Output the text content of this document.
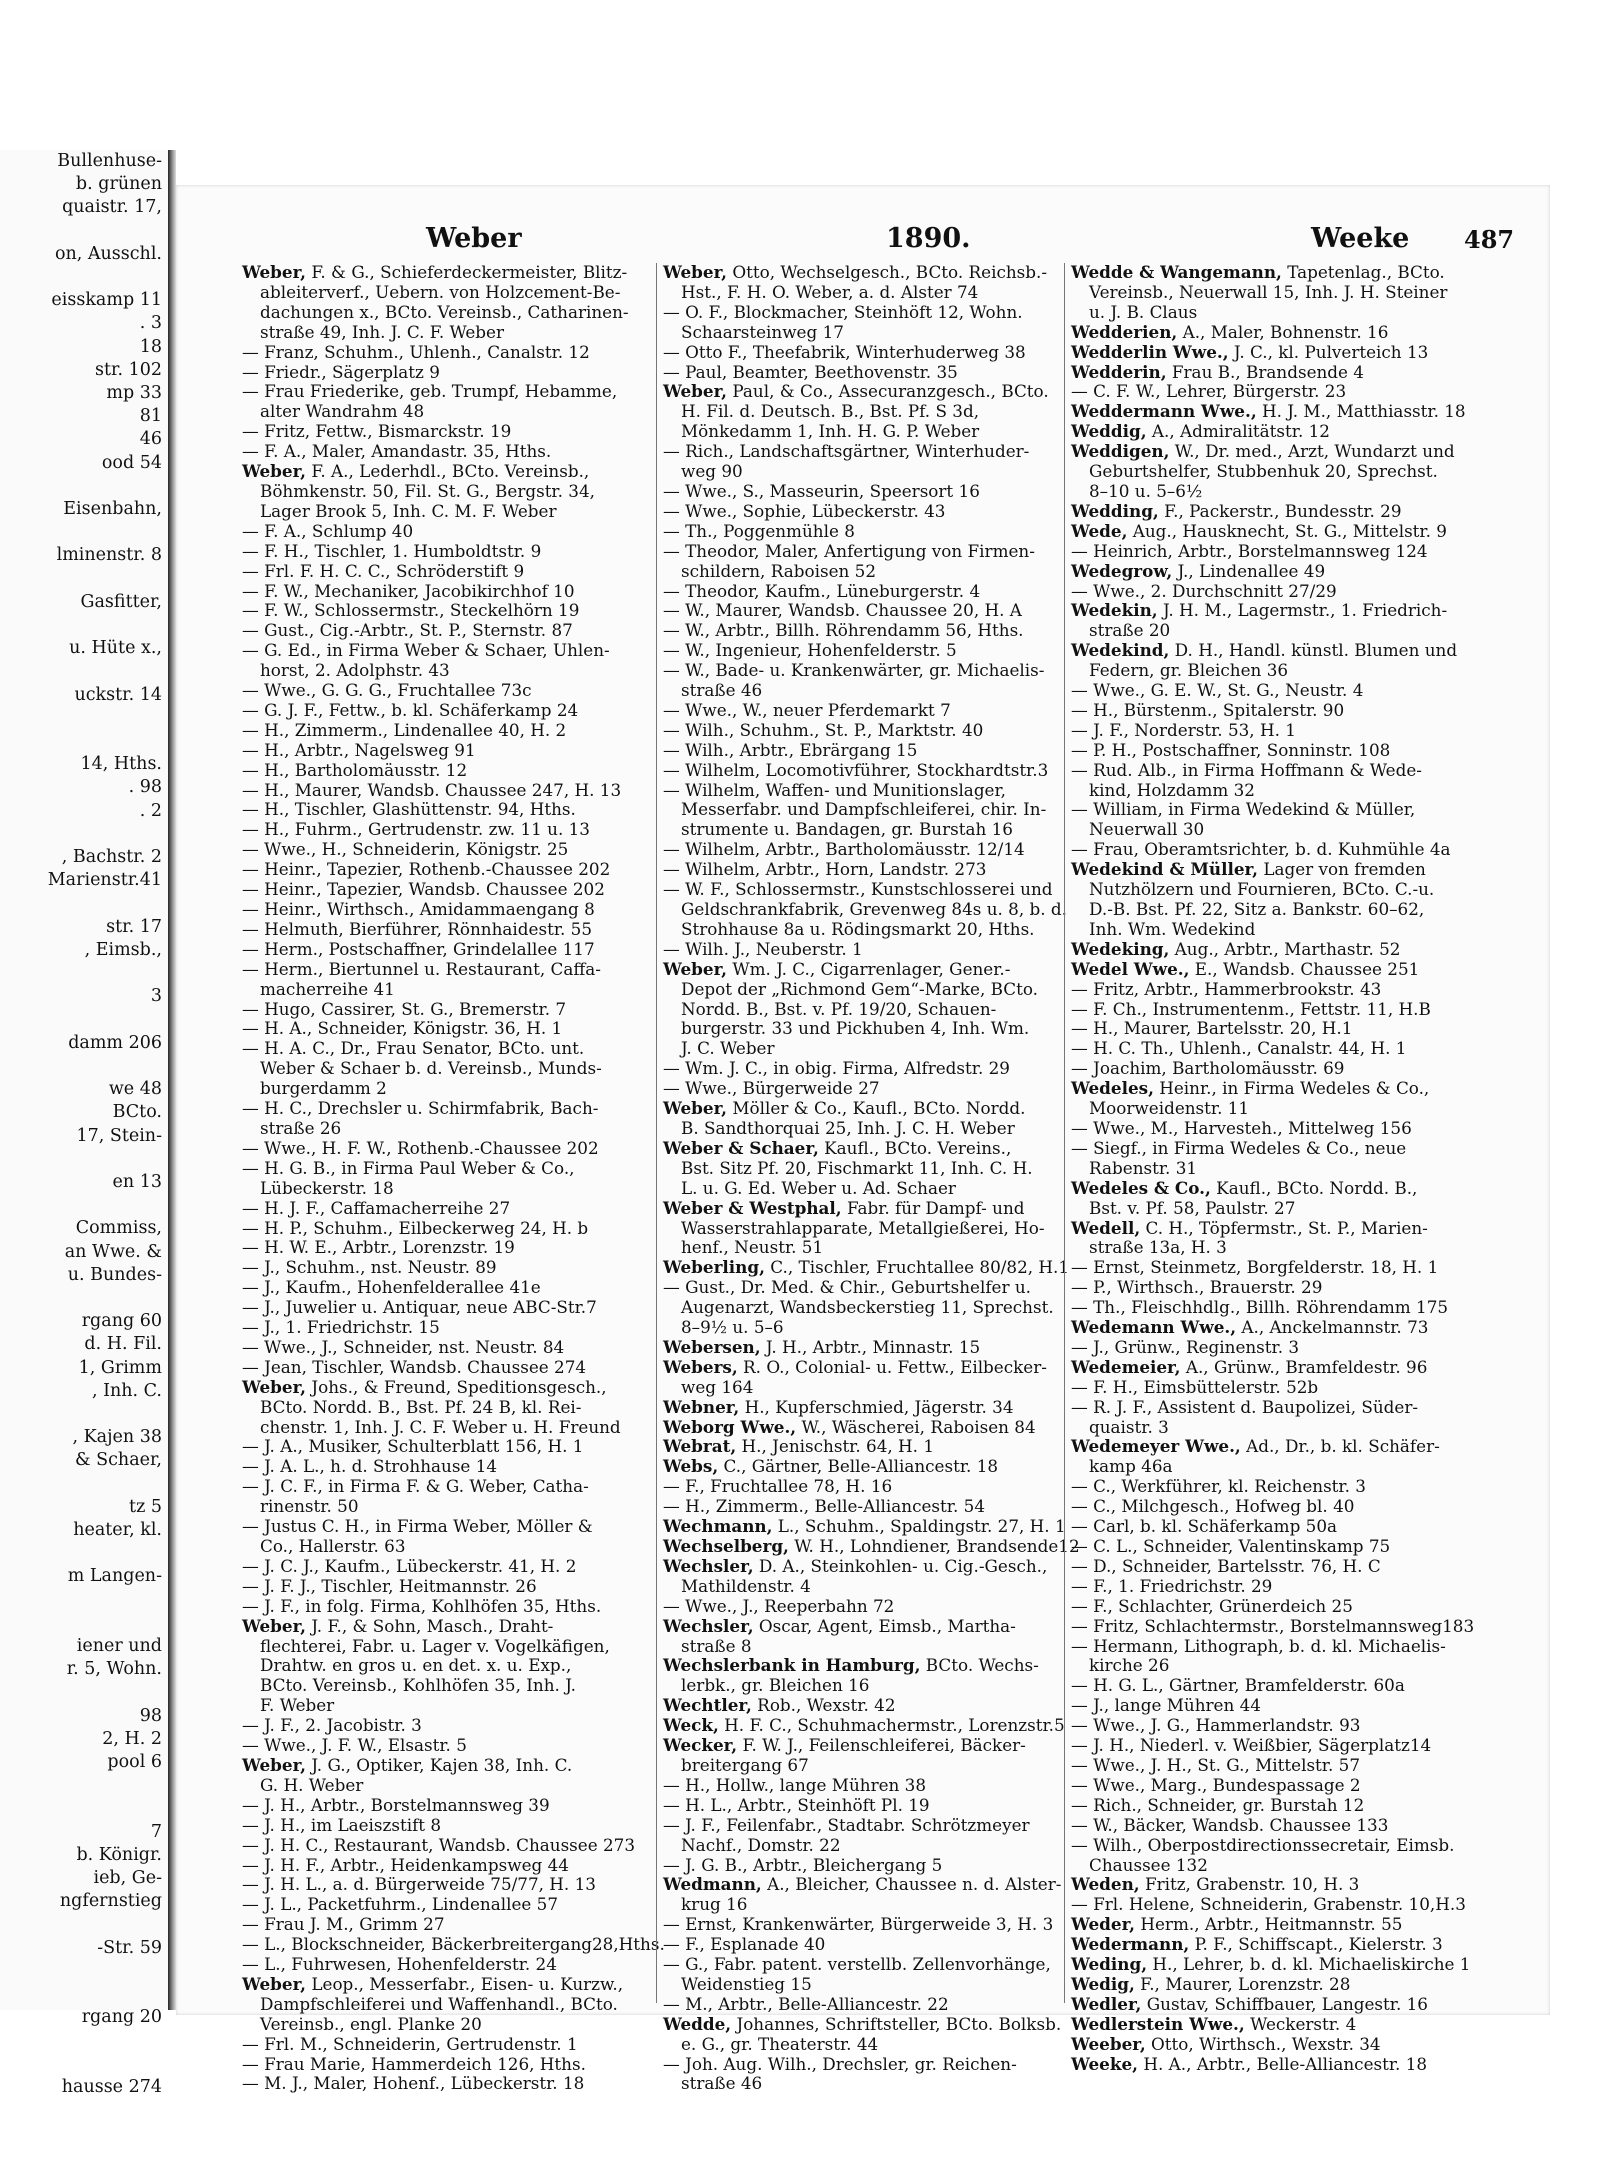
Bullenhuse-
b. grünen
quaistr. 17,

on, Ausschl.

eisskamp 11
. 3
18
str. 102
mp 33
81
46
ood 54

Eisenbahn,

lminenstr. 8

Gasfitter,

u. Hüte x.,

uckstr. 14

14, Hths.
. 98
. 2

, Bachstr. 2
Marienstr.41

str. 17
, Eimsb.,

3

damm 206

we 48
BCto.
17, Stein-

en 13

Commiss,
an Wwe. &
u. Bundes-

rgang 60
d. H. Fil.
1, Grimm
, Inh. C.

, Kajen 38
& Schaer,

tz 5
heater, kl.

m Langen-

iener und
r. 5, Wohn.

98
2, H. 2
pool 6

7
b. Königr.
ieb, Ge-
ngfernstieg

-Str. 59

rgang 20

hausse 274
Weber	1890.	Weeke 487
Weber, F. & G., Schieferdeckermeister, Blitz-
ableiterverf., Uebern. von Holzcement-Be-
dachungen x., BCto. Vereinsb., Catharinen-
straße 49, Inh. J. C. F. Weber
— Franz, Schuhm., Uhlenh., Canalstr. 12
— Friedr., Sägerplatz 9
— Frau Friederike, geb. Trumpf, Hebamme,
alter Wandrahm 48
— Fritz, Fettw., Bismarckstr. 19
— F. A., Maler, Amandastr. 35, Hths.
Weber, F. A., Lederhdl., BCto. Vereinsb.,
Böhmkenstr. 50, Fil. St. G., Bergstr. 34,
Lager Brook 5, Inh. C. M. F. Weber
— F. A., Schlump 40
— F. H., Tischler, 1. Humboldtstr. 9
— Frl. F. H. C. C., Schröderstift 9
— F. W., Mechaniker, Jacobikirchhof 10
— F. W., Schlossermstr., Steckelhörn 19
— Gust., Cig.-Arbtr., St. P., Sternstr. 87
— G. Ed., in Firma Weber & Schaer, Uhlen-
horst, 2. Adolphstr. 43
— Wwe., G. G. G., Fruchtallee 73c
— G. J. F., Fettw., b. kl. Schäferkamp 24
— H., Zimmerm., Lindenallee 40, H. 2
— H., Arbtr., Nagelsweg 91
— H., Bartholomäusstr. 12
— H., Maurer, Wandsb. Chaussee 247, H. 13
— H., Tischler, Glashüttenstr. 94, Hths.
— H., Fuhrm., Gertrudenstr. zw. 11 u. 13
— Wwe., H., Schneiderin, Königstr. 25
— Heinr., Tapezier, Rothenb.-Chaussee 202
— Heinr., Tapezier, Wandsb. Chaussee 202
— Heinr., Wirthsch., Amidammaengang 8
— Helmuth, Bierführer, Rönnhaidestr. 55
— Herm., Postschaffner, Grindelallee 117
— Herm., Biertunnel u. Restaurant, Caffa-
macherreihe 41
— Hugo, Cassirer, St. G., Bremerstr. 7
— H. A., Schneider, Königstr. 36, H. 1
— H. A. C., Dr., Frau Senator, BCto. unt.
Weber & Schaer b. d. Vereinsb., Munds-
burgerdamm 2
— H. C., Drechsler u. Schirmfabrik, Bach-
straße 26
— Wwe., H. F. W., Rothenb.-Chaussee 202
— H. G. B., in Firma Paul Weber & Co.,
Lübeckerstr. 18
— H. J. F., Caffamacherreihe 27
— H. P., Schuhm., Eilbeckerweg 24, H. b
— H. W. E., Arbtr., Lorenzstr. 19
— J., Schuhm., nst. Neustr. 89
— J., Kaufm., Hohenfelderallee 41e
— J., Juwelier u. Antiquar, neue ABC-Str.7
— J., 1. Friedrichstr. 15
— Wwe., J., Schneider, nst. Neustr. 84
— Jean, Tischler, Wandsb. Chaussee 274
Weber, Johs., & Freund, Speditionsgesch.,
BCto. Nordd. B., Bst. Pf. 24 B, kl. Rei-
chenstr. 1, Inh. J. C. F. Weber u. H. Freund
— J. A., Musiker, Schulterblatt 156, H. 1
— J. A. L., h. d. Strohhause 14
— J. C. F., in Firma F. & G. Weber, Catha-
rinenstr. 50
— Justus C. H., in Firma Weber, Möller &
Co., Hallerstr. 63
— J. C. J., Kaufm., Lübeckerstr. 41, H. 2
— J. F. J., Tischler, Heitmannstr. 26
— J. F., in folg. Firma, Kohlhöfen 35, Hths.
Weber, J. F., & Sohn, Masch., Draht-
flechterei, Fabr. u. Lager v. Vogelkäfigen,
Drahtw. en gros u. en det. x. u. Exp.,
BCto. Vereinsb., Kohlhöfen 35, Inh. J.
F. Weber
— J. F., 2. Jacobistr. 3
— Wwe., J. F. W., Elsastr. 5
Weber, J. G., Optiker, Kajen 38, Inh. C.
G. H. Weber
— J. H., Arbtr., Borstelmannsweg 39
— J. H., im Laeiszstift 8
— J. H. C., Restaurant, Wandsb. Chaussee 273
— J. H. F., Arbtr., Heidenkampsweg 44
— J. H. L., a. d. Bürgerweide 75/77, H. 13
— J. L., Packetfuhrm., Lindenallee 57
— Frau J. M., Grimm 27
— L., Blockschneider, Bäckerbreitergang28,Hths.
— L., Fuhrwesen, Hohenfelderstr. 24
Weber, Leop., Messerfabr., Eisen- u. Kurzw.,
Dampfschleiferei und Waffenhandl., BCto.
Vereinsb., engl. Planke 20
— Frl. M., Schneiderin, Gertrudenstr. 1
— Frau Marie, Hammerdeich 126, Hths.
— M. J., Maler, Hohenf., Lübeckerstr. 18
Weber, Otto, Wechselgesch., BCto. Reichsb.-
Hst., F. H. O. Weber, a. d. Alster 74
— O. F., Blockmacher, Steinhöft 12, Wohn.
Schaarsteinweg 17
— Otto F., Theefabrik, Winterhuderweg 38
— Paul, Beamter, Beethovenstr. 35
Weber, Paul, & Co., Assecuranzgesch., BCto.
H. Fil. d. Deutsch. B., Bst. Pf. S 3d,
Mönkedamm 1, Inh. H. G. P. Weber
— Rich., Landschaftsgärtner, Winterhuder-
weg 90
— Wwe., S., Masseurin, Speersort 16
— Wwe., Sophie, Lübeckerstr. 43
— Th., Poggenmühle 8
— Theodor, Maler, Anfertigung von Firmen-
schildern, Raboisen 52
— Theodor, Kaufm., Lüneburgerstr. 4
— W., Maurer, Wandsb. Chaussee 20, H. A
— W., Arbtr., Billh. Röhrendamm 56, Hths.
— W., Ingenieur, Hohenfelderstr. 5
— W., Bade- u. Krankenwärter, gr. Michaelis-
straße 46
— Wwe., W., neuer Pferdemarkt 7
— Wilh., Schuhm., St. P., Marktstr. 40
— Wilh., Arbtr., Ebrärgang 15
— Wilhelm, Locomotivführer, Stockhardtstr.3
— Wilhelm, Waffen- und Munitionslager,
Messerfabr. und Dampfschleiferei, chir. In-
strumente u. Bandagen, gr. Burstah 16
— Wilhelm, Arbtr., Bartholomäusstr. 12/14
— Wilhelm, Arbtr., Horn, Landstr. 273
— W. F., Schlossermstr., Kunstschlosserei und
Geldschrankfabrik, Grevenweg 84s u. 8, b. d.
Strohhause 8a u. Rödingsmarkt 20, Hths.
— Wilh. J., Neuberstr. 1
Weber, Wm. J. C., Cigarrenlager, Gener.-
Depot der „Richmond Gem“-Marke, BCto.
Nordd. B., Bst. v. Pf. 19/20, Schauen-
burgerstr. 33 und Pickhuben 4, Inh. Wm.
J. C. Weber
— Wm. J. C., in obig. Firma, Alfredstr. 29
— Wwe., Bürgerweide 27
Weber, Möller & Co., Kaufl., BCto. Nordd.
B. Sandthorquai 25, Inh. J. C. H. Weber
Weber & Schaer, Kaufl., BCto. Vereins.,
Bst. Sitz Pf. 20, Fischmarkt 11, Inh. C. H.
L. u. G. Ed. Weber u. Ad. Schaer
Weber & Westphal, Fabr. für Dampf- und
Wasserstrahlapparate, Metallgießerei, Ho-
henf., Neustr. 51
Weberling, C., Tischler, Fruchtallee 80/82, H.1
— Gust., Dr. Med. & Chir., Geburtshelfer u.
Augenarzt, Wandsbeckerstieg 11, Sprechst.
8–9½ u. 5–6
Webersen, J. H., Arbtr., Minnastr. 15
Webers, R. O., Colonial- u. Fettw., Eilbecker-
weg 164
Webner, H., Kupferschmied, Jägerstr. 34
Weborg Wwe., W., Wäscherei, Raboisen 84
Webrat, H., Jenischstr. 64, H. 1
Webs, C., Gärtner, Belle-Alliancestr. 18
— F., Fruchtallee 78, H. 16
— H., Zimmerm., Belle-Alliancestr. 54
Wechmann, L., Schuhm., Spaldingstr. 27, H. 1
Wechselberg, W. H., Lohndiener, Brandsende12
Wechsler, D. A., Steinkohlen- u. Cig.-Gesch.,
Mathildenstr. 4
— Wwe., J., Reeperbahn 72
Wechsler, Oscar, Agent, Eimsb., Martha-
straße 8
Wechslerbank in Hamburg, BCto. Wechs-
lerbk., gr. Bleichen 16
Wechtler, Rob., Wexstr. 42
Weck, H. F. C., Schuhmachermstr., Lorenzstr.5
Wecker, F. W. J., Feilenschleiferei, Bäcker-
breitergang 67
— H., Hollw., lange Mühren 38
— H. L., Arbtr., Steinhöft Pl. 19
— J. F., Feilenfabr., Stadtabr. Schrötzmeyer
Nachf., Domstr. 22
— J. G. B., Arbtr., Bleichergang 5
Wedmann, A., Bleicher, Chaussee n. d. Alster-
krug 16
— Ernst, Krankenwärter, Bürgerweide 3, H. 3
— F., Esplanade 40
— G., Fabr. patent. verstellb. Zellenvorhänge,
Weidenstieg 15
— M., Arbtr., Belle-Alliancestr. 22
Wedde, Johannes, Schriftsteller, BCto. Bolksb.
e. G., gr. Theaterstr. 44
— Joh. Aug. Wilh., Drechsler, gr. Reichen-
straße 46
Wedde & Wangemann, Tapetenlag., BCto.
Vereinsb., Neuerwall 15, Inh. J. H. Steiner
u. J. B. Claus
Wedderien, A., Maler, Bohnenstr. 16
Wedderlin Wwe., J. C., kl. Pulverteich 13
Wedderin, Frau B., Brandsende 4
— C. F. W., Lehrer, Bürgerstr. 23
Weddermann Wwe., H. J. M., Matthiasstr. 18
Weddig, A., Admiralitätstr. 12
Weddigen, W., Dr. med., Arzt, Wundarzt und
Geburtshelfer, Stubbenhuk 20, Sprechst.
8–10 u. 5–6½
Wedding, F., Packerstr., Bundesstr. 29
Wede, Aug., Hausknecht, St. G., Mittelstr. 9
— Heinrich, Arbtr., Borstelmannsweg 124
Wedegrow, J., Lindenallee 49
— Wwe., 2. Durchschnitt 27/29
Wedekin, J. H. M., Lagermstr., 1. Friedrich-
straße 20
Wedekind, D. H., Handl. künstl. Blumen und
Federn, gr. Bleichen 36
— Wwe., G. E. W., St. G., Neustr. 4
— H., Bürstenm., Spitalerstr. 90
— J. F., Norderstr. 53, H. 1
— P. H., Postschaffner, Sonninstr. 108
— Rud. Alb., in Firma Hoffmann & Wede-
kind, Holzdamm 32
— William, in Firma Wedekind & Müller,
Neuerwall 30
— Frau, Oberamtsrichter, b. d. Kuhmühle 4a
Wedekind & Müller, Lager von fremden
Nutzhölzern und Fournieren, BCto. C.-u.
D.-B. Bst. Pf. 22, Sitz a. Bankstr. 60–62,
Inh. Wm. Wedekind
Wedeking, Aug., Arbtr., Marthastr. 52
Wedel Wwe., E., Wandsb. Chaussee 251
— Fritz, Arbtr., Hammerbrookstr. 43
— F. Ch., Instrumentenm., Fettstr. 11, H.B
— H., Maurer, Bartelsstr. 20, H.1
— H. C. Th., Uhlenh., Canalstr. 44, H. 1
— Joachim, Bartholomäusstr. 69
Wedeles, Heinr., in Firma Wedeles & Co.,
Moorweidenstr. 11
— Wwe., M., Harvesteh., Mittelweg 156
— Siegf., in Firma Wedeles & Co., neue
Rabenstr. 31
Wedeles & Co., Kaufl., BCto. Nordd. B.,
Bst. v. Pf. 58, Paulstr. 27
Wedell, C. H., Töpfermstr., St. P., Marien-
straße 13a, H. 3
— Ernst, Steinmetz, Borgfelderstr. 18, H. 1
— P., Wirthsch., Brauerstr. 29
— Th., Fleischhdlg., Billh. Röhrendamm 175
Wedemann Wwe., A., Anckelmannstr. 73
— J., Grünw., Reginenstr. 3
Wedemeier, A., Grünw., Bramfeldestr. 96
— F. H., Eimsbüttelerstr. 52b
— R. J. F., Assistent d. Baupolizei, Süder-
quaistr. 3
Wedemeyer Wwe., Ad., Dr., b. kl. Schäfer-
kamp 46a
— C., Werkführer, kl. Reichenstr. 3
— C., Milchgesch., Hofweg bl. 40
— Carl, b. kl. Schäferkamp 50a
— C. L., Schneider, Valentinskamp 75
— D., Schneider, Bartelsstr. 76, H. C
— F., 1. Friedrichstr. 29
— F., Schlachter, Grünerdeich 25
— Fritz, Schlachtermstr., Borstelmannsweg183
— Hermann, Lithograph, b. d. kl. Michaelis-
kirche 26
— H. G. L., Gärtner, Bramfelderstr. 60a
— J., lange Mühren 44
— Wwe., J. G., Hammerlandstr. 93
— J. H., Niederl. v. Weißbier, Sägerplatz14
— Wwe., J. H., St. G., Mittelstr. 57
— Wwe., Marg., Bundespassage 2
— Rich., Schneider, gr. Burstah 12
— W., Bäcker, Wandsb. Chaussee 133
— Wilh., Oberpostdirectionssecretair, Eimsb.
Chaussee 132
Weden, Fritz, Grabenstr. 10, H. 3
— Frl. Helene, Schneiderin, Grabenstr. 10,H.3
Weder, Herm., Arbtr., Heitmannstr. 55
Wedermann, P. F., Schiffscapt., Kielerstr. 3
Weding, H., Lehrer, b. d. kl. Michaeliskirche 1
Wedig, F., Maurer, Lorenzstr. 28
Wedler, Gustav, Schiffbauer, Langestr. 16
Wedlerstein Wwe., Weckerstr. 4
Weeber, Otto, Wirthsch., Wexstr. 34
Weeke, H. A., Arbtr., Belle-Alliancestr. 18
